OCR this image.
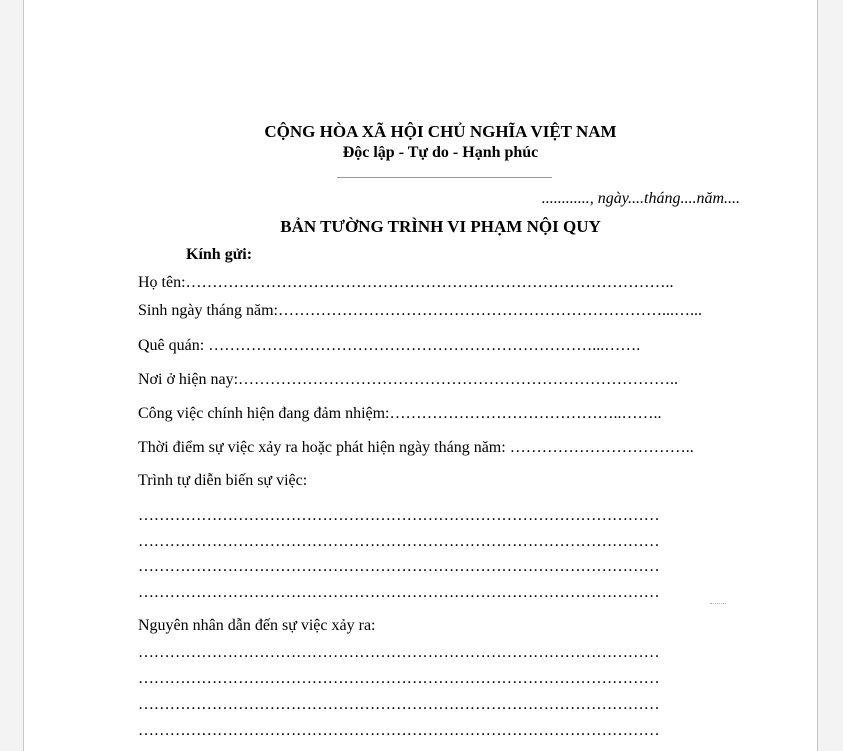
CỘNG HÒA XÃ HỘI CHỦ NGHĨA VIỆT NAM
Độc lập - Tự do - Hạnh phúc
............, ngày....tháng....năm....
BẢN TƯỜNG TRÌNH VI PHẠM NỘI QUY
Kính gửi:
Họ tên:………………………………………………………………………………..
Sinh ngày tháng năm:………………………………………………………………...…...
Quê quán: ………………………………………………………………...…….
Nơi ở hiện nay:………………………………………………………………………..
Công việc chính hiện đang đảm nhiệm:……………………………………..……..
Thời điểm sự việc xảy ra hoặc phát hiện ngày tháng năm: ……………………………..
Trình tự diễn biến sự việc:
………………………………………………………………………………………
………………………………………………………………………………………
………………………………………………………………………………………
………………………………………………………………………………………
Nguyên nhân dẫn đến sự việc xảy ra:
………………………………………………………………………………………
………………………………………………………………………………………
………………………………………………………………………………………
………………………………………………………………………………………
